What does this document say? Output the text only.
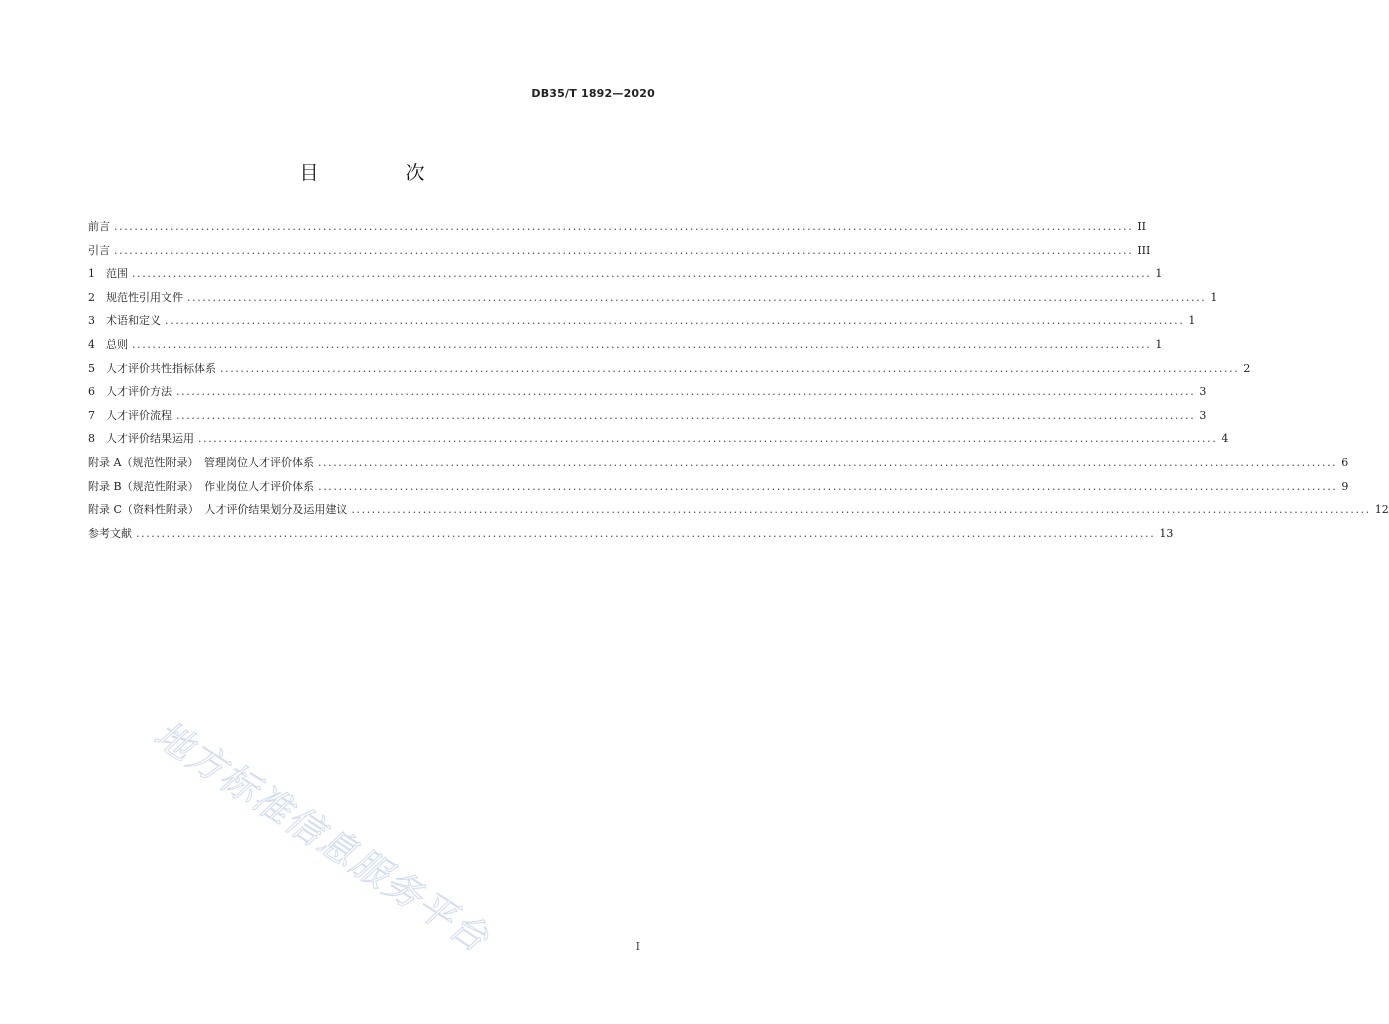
DB35/T 1892—2020
目　次
前言 ........................................................................................................................................................................................................ II
引言 ........................................................................................................................................................................................................ III
1　范围 ........................................................................................................................................................................................................ 1
2　规范性引用文件 ........................................................................................................................................................................................................ 1
3　术语和定义 ........................................................................................................................................................................................................ 1
4　总则 ........................................................................................................................................................................................................ 1
5　人才评价共性指标体系 ........................................................................................................................................................................................................ 2
6　人才评价方法 ........................................................................................................................................................................................................ 3
7　人才评价流程 ........................................................................................................................................................................................................ 3
8　人才评价结果运用 ........................................................................................................................................................................................................ 4
附录 A（规范性附录）　管理岗位人才评价体系 ........................................................................................................................................................................................................ 6
附录 B（规范性附录）　作业岗位人才评价体系 ........................................................................................................................................................................................................ 9
附录 C（资料性附录）　人才评价结果划分及运用建议 ........................................................................................................................................................................................................ 12
参考文献 ........................................................................................................................................................................................................ 13
地方标准信息服务平台	I
